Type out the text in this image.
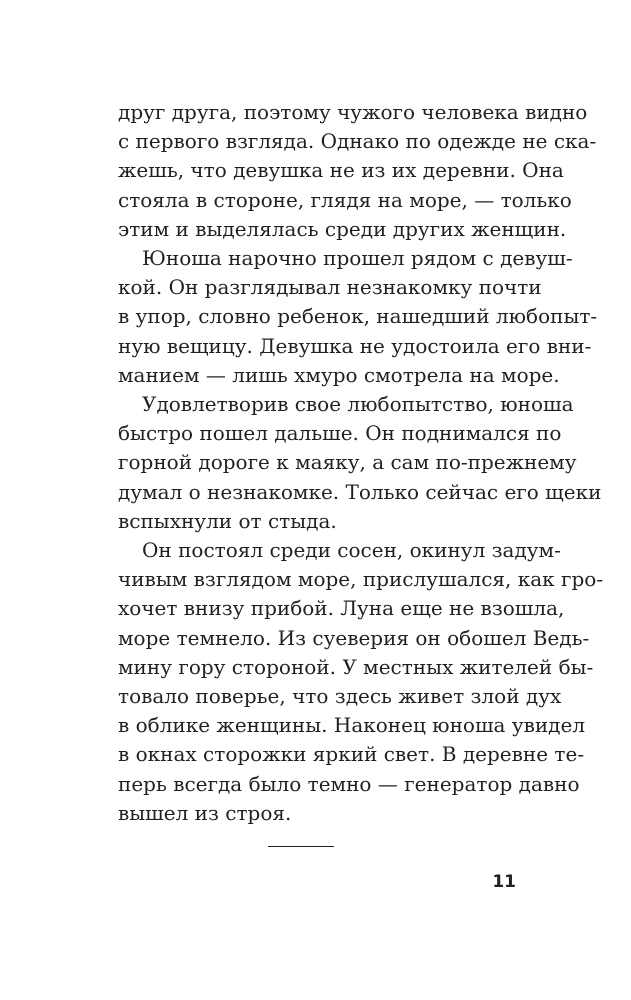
друг друга, поэтому чужого человека видно
с первого взгляда. Однако по одежде не ска-
жешь, что девушка не из их деревни. Она
стояла в стороне, глядя на море, — только
этим и выделялась среди других женщин.
Юноша нарочно прошел рядом с девуш-
кой. Он разглядывал незнакомку почти
в упор, словно ребенок, нашедший любопыт-
ную вещицу. Девушка не удостоила его вни-
манием — лишь хмуро смотрела на море.
Удовлетворив свое любопытство, юноша
быстро пошел дальше. Он поднимался по
горной дороге к маяку, а сам по-прежнему
думал о незнакомке. Только сейчас его щеки
вспыхнули от стыда.
Он постоял среди сосен, окинул задум-
чивым взглядом море, прислушался, как гро-
хочет внизу прибой. Луна еще не взошла,
море темнело. Из суеверия он обошел Ведь-
мину гору стороной. У местных жителей бы-
товало поверье, что здесь живет злой дух
в облике женщины. Наконец юноша увидел
в окнах сторожки яркий свет. В деревне те-
перь всегда было темно — генератор давно
вышел из строя.
11
